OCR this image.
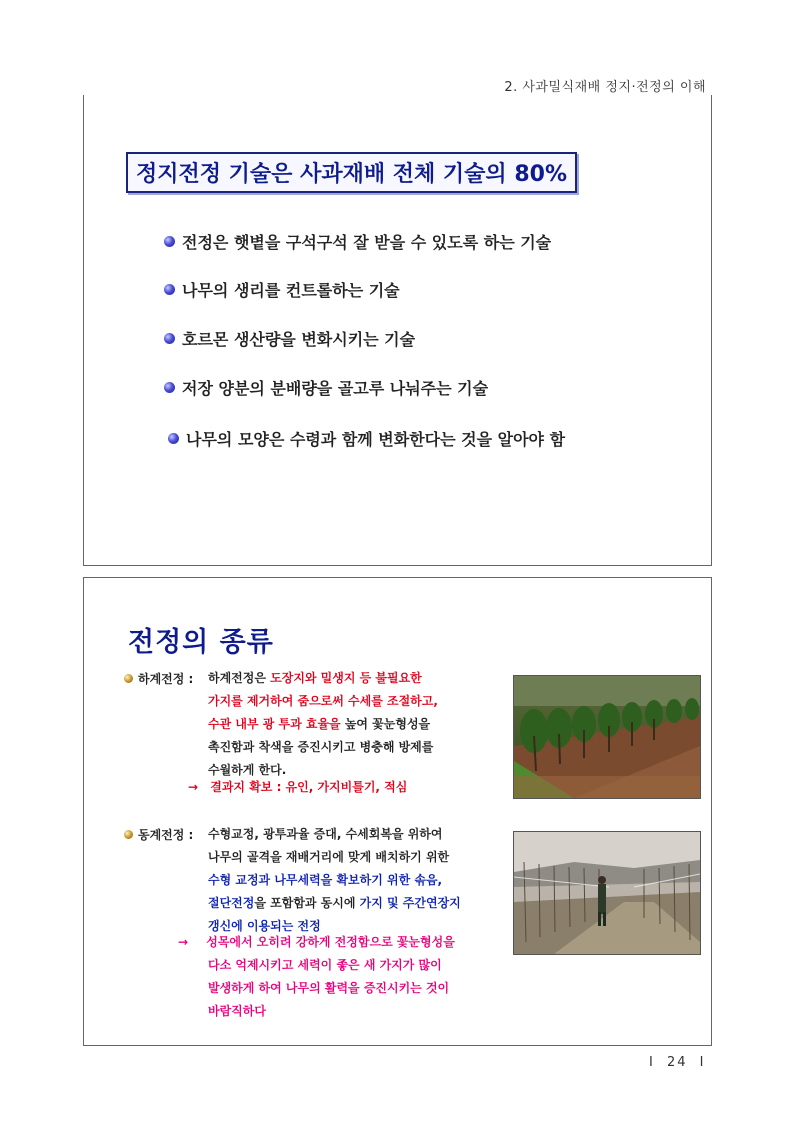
2. 사과밀식재배 정지·전정의 이해
정지전정 기술은 사과재배 전체 기술의 80%
전정은 햇볕을 구석구석 잘 받을 수 있도록 하는 기술
나무의 생리를 컨트롤하는 기술
호르몬 생산량을 변화시키는 기술
저장 양분의 분배량을 골고루 나눠주는 기술
나무의 모양은 수령과 함께 변화한다는 것을 알아야 함
전정의 종류
하계전정 : 하계전정은 도장지와 밀생지 등 불필요한
가지를 제거하여 줌으로써 수세를 조절하고,
수관 내부 광 투과 효율을 높여 꽃눈형성을
촉진함과 착색을 증진시키고 병충해 방제를
수월하게 한다.
→ 결과지 확보 : 유인, 가지비틀기, 적심
동계전정 : 수형교정, 광투과율 증대, 수세회복을 위하여
나무의 골격을 재배거리에 맞게 배치하기 위한
수형 교정과 나무세력을 확보하기 위한 솎음,
절단전정을 포함함과 동시에 가지 및 주간연장지
갱신에 이용되는 전정
→ 성목에서 오히려 강하게 전정함으로 꽃눈형성을
다소 억제시키고 세력이 좋은 새 가지가 많이
발생하게 하여 나무의 활력을 증진시키는 것이
바람직하다
I 24 I
